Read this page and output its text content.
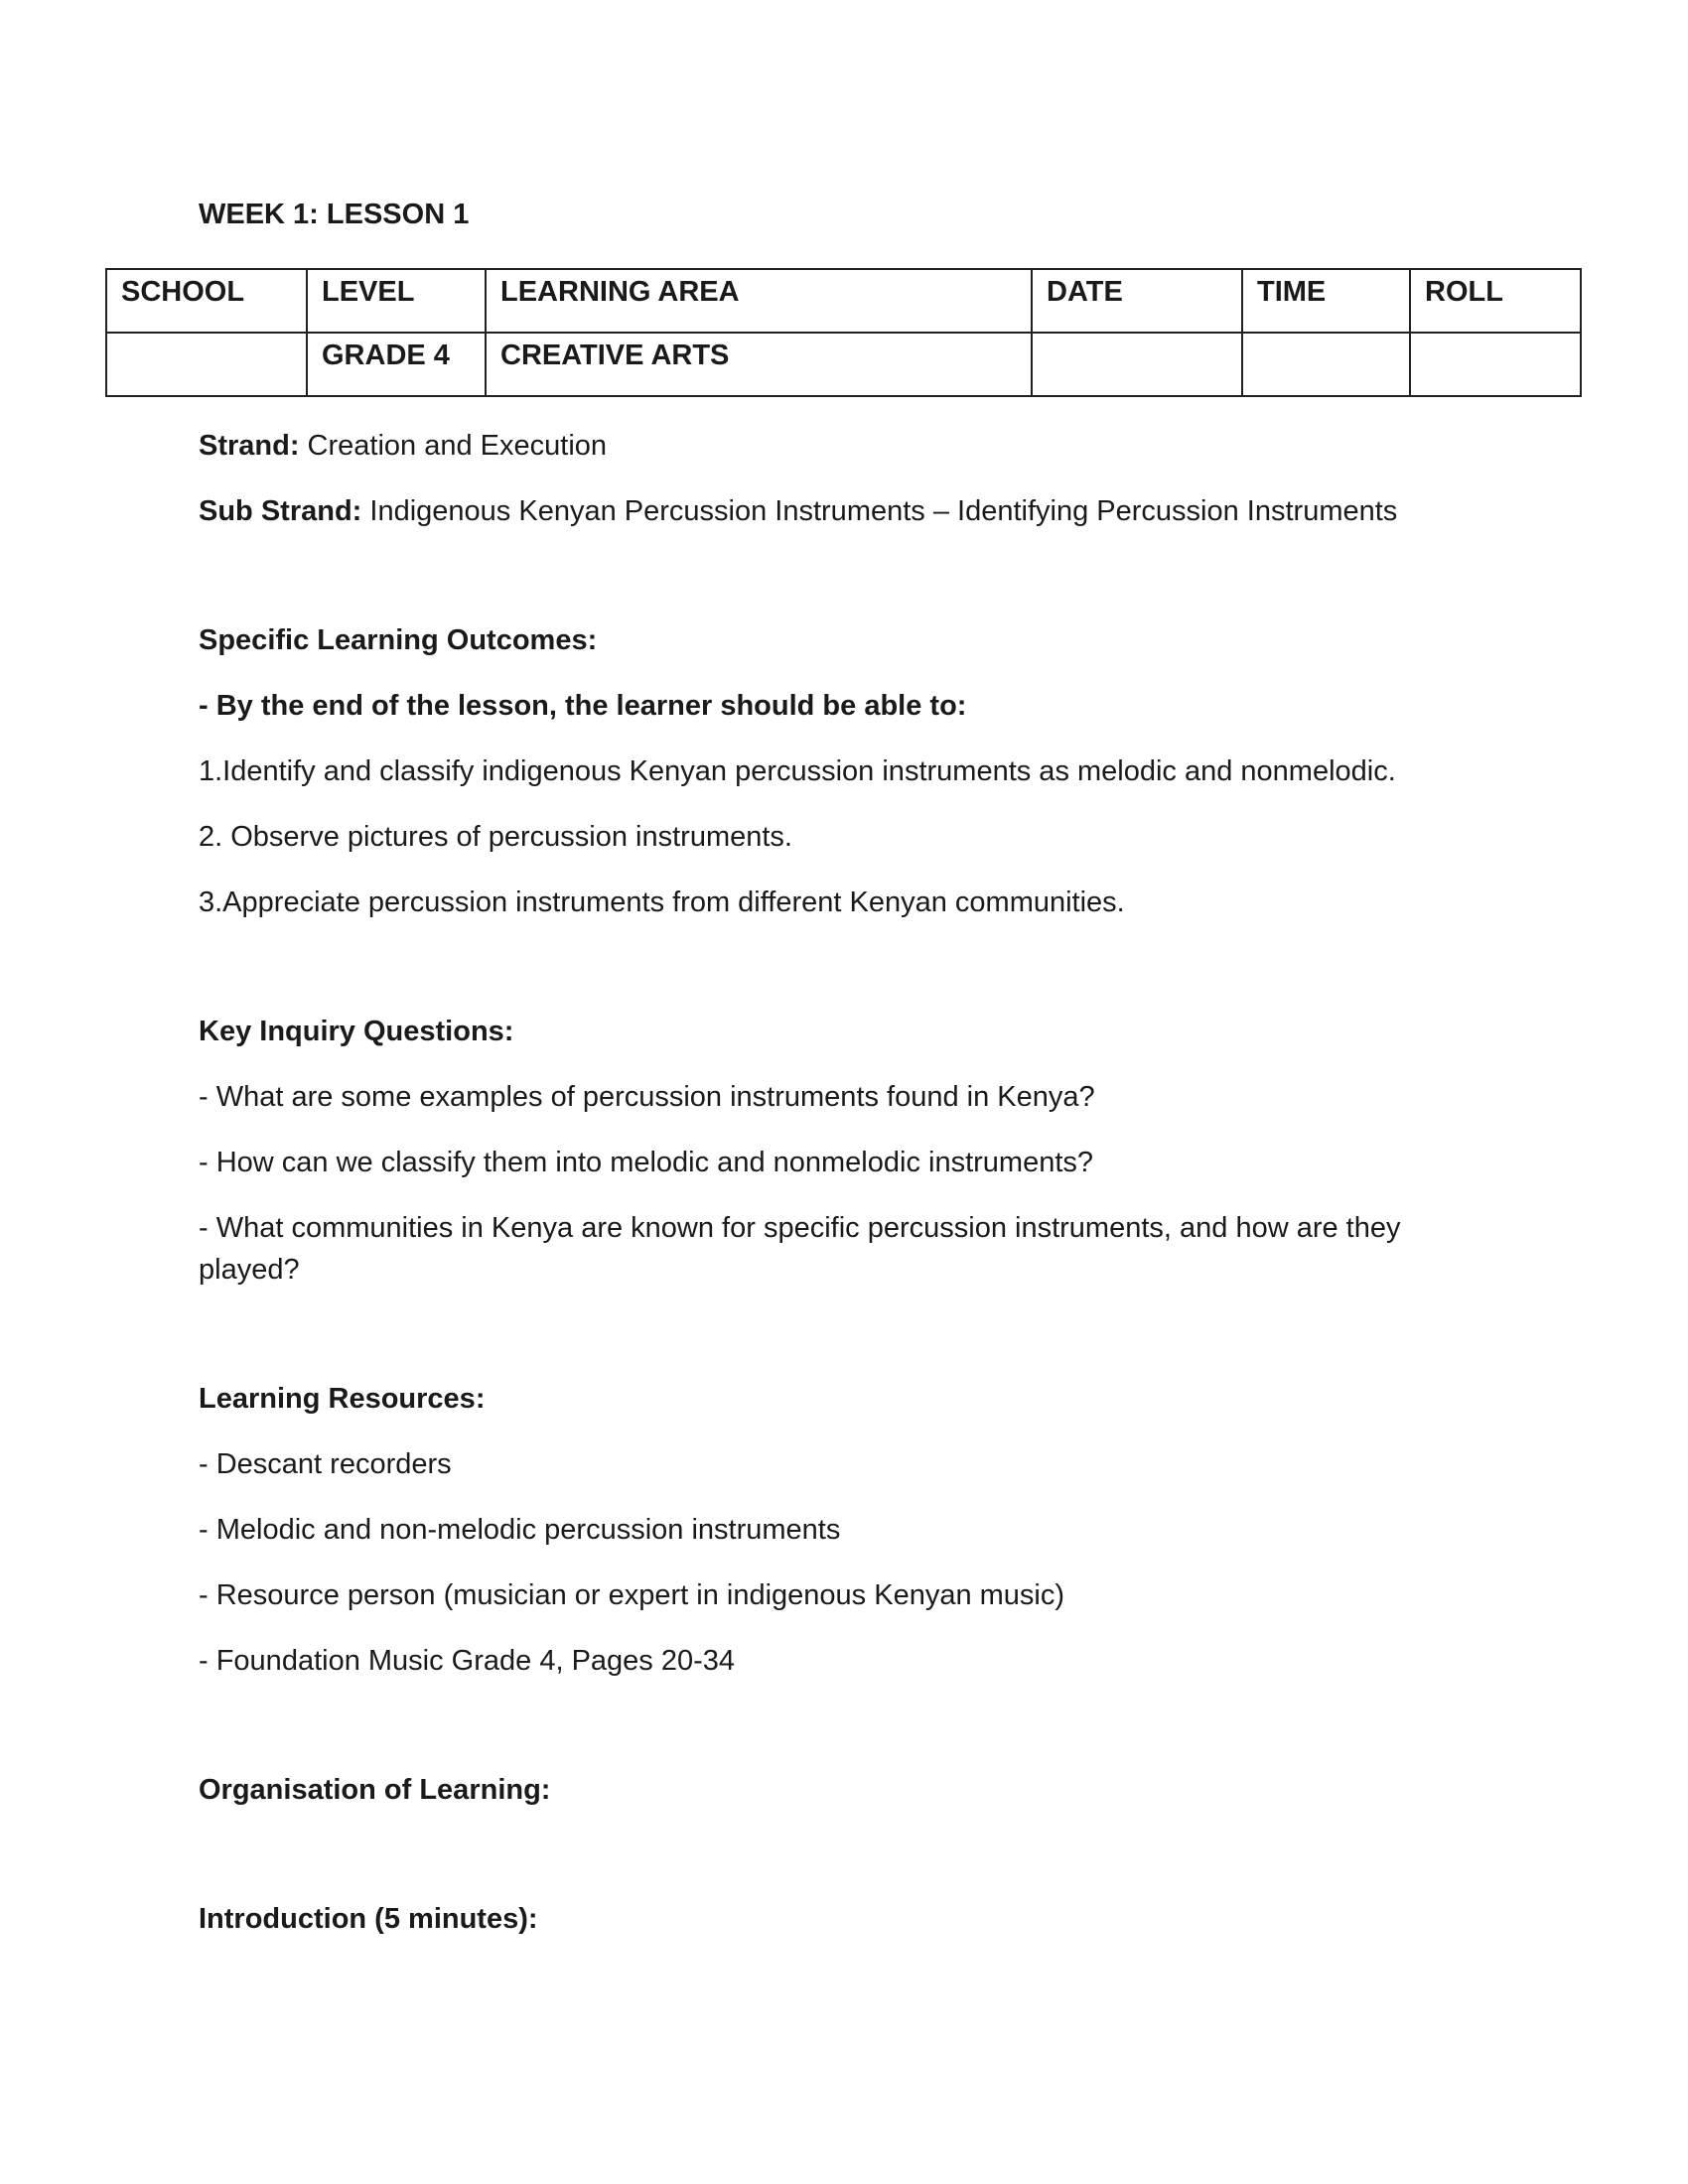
WEEK 1: LESSON 1
SCHOOL	LEVEL	LEARNING AREA	DATE	TIME	ROLL
	GRADE 4	CREATIVE ARTS			

Strand: Creation and Execution

Sub Strand: Indigenous Kenyan Percussion Instruments – Identifying Percussion Instruments

Specific Learning Outcomes:

- By the end of the lesson, the learner should be able to:

1.Identify and classify indigenous Kenyan percussion instruments as melodic and nonmelodic.

2. Observe pictures of percussion instruments.

3.Appreciate percussion instruments from different Kenyan communities.

Key Inquiry Questions:

- What are some examples of percussion instruments found in Kenya?

- How can we classify them into melodic and nonmelodic instruments?

- What communities in Kenya are known for specific percussion instruments, and how are they played?

Learning Resources:

- Descant recorders

- Melodic and non-melodic percussion instruments

- Resource person (musician or expert in indigenous Kenyan music)

- Foundation Music Grade 4, Pages 20-34

Organisation of Learning:

Introduction (5 minutes):
